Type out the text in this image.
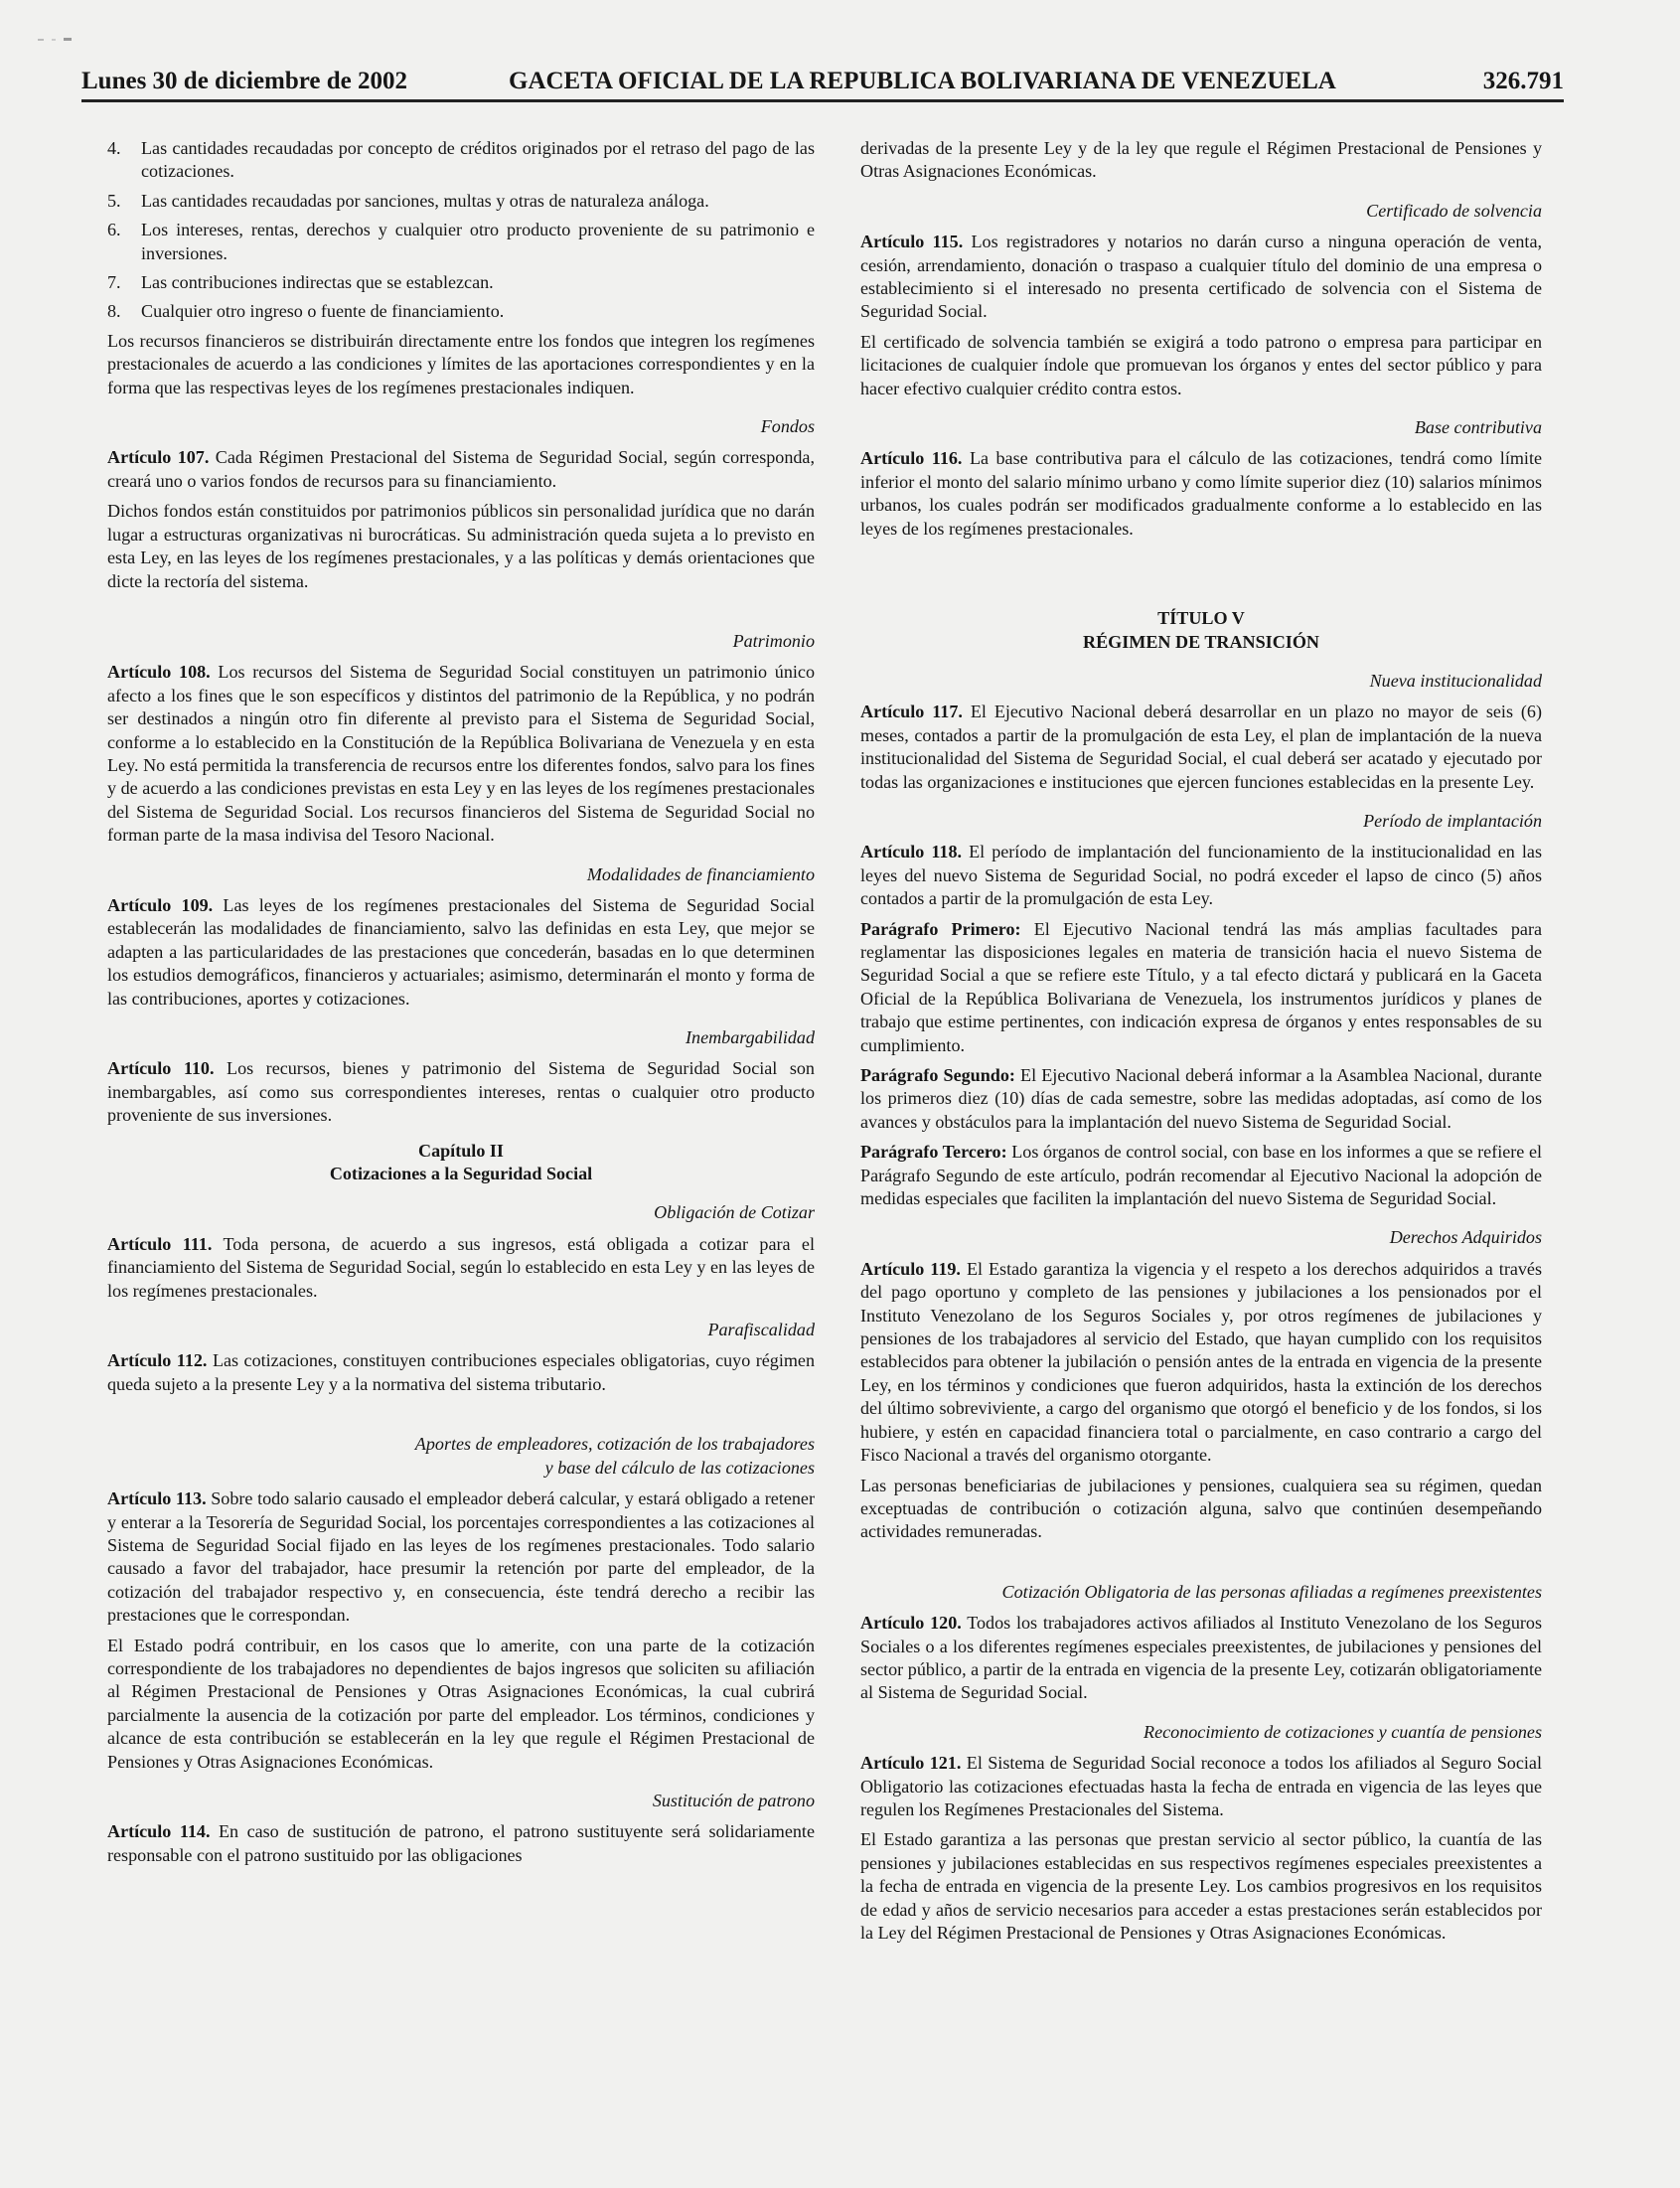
Lunes 30 de diciembre de 2002	GACETA OFICIAL DE LA REPUBLICA BOLIVARIANA DE VENEZUELA	326.791
4.	Las cantidades recaudadas por concepto de créditos originados por el retraso del pago de las cotizaciones.
5.	Las cantidades recaudadas por sanciones, multas y otras de naturaleza análoga.
6.	Los intereses, rentas, derechos y cualquier otro producto proveniente de su patrimonio e inversiones.
7.	Las contribuciones indirectas que se establezcan.
8.	Cualquier otro ingreso o fuente de financiamiento.

Los recursos financieros se distribuirán directamente entre los fondos que integren los regímenes prestacionales de acuerdo a las condiciones y límites de las aportaciones correspondientes y en la forma que las respectivas leyes de los regímenes prestacionales indiquen.

Fondos

Artículo 107. Cada Régimen Prestacional del Sistema de Seguridad Social, según corresponda, creará uno o varios fondos de recursos para su financiamiento.

Dichos fondos están constituidos por patrimonios públicos sin personalidad jurídica que no darán lugar a estructuras organizativas ni burocráticas. Su administración queda sujeta a lo previsto en esta Ley, en las leyes de los regímenes prestacionales, y a las políticas y demás orientaciones que dicte la rectoría del sistema.

Patrimonio

Artículo 108. Los recursos del Sistema de Seguridad Social constituyen un patrimonio único afecto a los fines que le son específicos y distintos del patrimonio de la República, y no podrán ser destinados a ningún otro fin diferente al previsto para el Sistema de Seguridad Social, conforme a lo establecido en la Constitución de la República Bolivariana de Venezuela y en esta Ley. No está permitida la transferencia de recursos entre los diferentes fondos, salvo para los fines y de acuerdo a las condiciones previstas en esta Ley y en las leyes de los regímenes prestacionales del Sistema de Seguridad Social. Los recursos financieros del Sistema de Seguridad Social no forman parte de la masa indivisa del Tesoro Nacional.

Modalidades de financiamiento

Artículo 109. Las leyes de los regímenes prestacionales del Sistema de Seguridad Social establecerán las modalidades de financiamiento, salvo las definidas en esta Ley, que mejor se adapten a las particularidades de las prestaciones que concederán, basadas en lo que determinen los estudios demográficos, financieros y actuariales; asimismo, determinarán el monto y forma de las contribuciones, aportes y cotizaciones.

Inembargabilidad

Artículo 110. Los recursos, bienes y patrimonio del Sistema de Seguridad Social son inembargables, así como sus correspondientes intereses, rentas o cualquier otro producto proveniente de sus inversiones.

Capítulo II

Cotizaciones a la Seguridad Social

Obligación de Cotizar

Artículo 111. Toda persona, de acuerdo a sus ingresos, está obligada a cotizar para el financiamiento del Sistema de Seguridad Social, según lo establecido en esta Ley y en las leyes de los regímenes prestacionales.

Parafiscalidad

Artículo 112. Las cotizaciones, constituyen contribuciones especiales obligatorias, cuyo régimen queda sujeto a la presente Ley y a la normativa del sistema tributario.

Aportes de empleadores, cotización de los trabajadores
y base del cálculo de las cotizaciones

Artículo 113. Sobre todo salario causado el empleador deberá calcular, y estará obligado a retener y enterar a la Tesorería de Seguridad Social, los porcentajes correspondientes a las cotizaciones al Sistema de Seguridad Social fijado en las leyes de los regímenes prestacionales. Todo salario causado a favor del trabajador, hace presumir la retención por parte del empleador, de la cotización del trabajador respectivo y, en consecuencia, éste tendrá derecho a recibir las prestaciones que le correspondan.

El Estado podrá contribuir, en los casos que lo amerite, con una parte de la cotización correspondiente de los trabajadores no dependientes de bajos ingresos que soliciten su afiliación al Régimen Prestacional de Pensiones y Otras Asignaciones Económicas, la cual cubrirá parcialmente la ausencia de la cotización por parte del empleador. Los términos, condiciones y alcance de esta contribución se establecerán en la ley que regule el Régimen Prestacional de Pensiones y Otras Asignaciones Económicas.

Sustitución de patrono

Artículo 114. En caso de sustitución de patrono, el patrono sustituyente será solidariamente responsable con el patrono sustituido por las obligaciones

derivadas de la presente Ley y de la ley que regule el Régimen Prestacional de Pensiones y Otras Asignaciones Económicas.

Certificado de solvencia

Artículo 115. Los registradores y notarios no darán curso a ninguna operación de venta, cesión, arrendamiento, donación o traspaso a cualquier título del dominio de una empresa o establecimiento si el interesado no presenta certificado de solvencia con el Sistema de Seguridad Social.

El certificado de solvencia también se exigirá a todo patrono o empresa para participar en licitaciones de cualquier índole que promuevan los órganos y entes del sector público y para hacer efectivo cualquier crédito contra estos.

Base contributiva

Artículo 116. La base contributiva para el cálculo de las cotizaciones, tendrá como límite inferior el monto del salario mínimo urbano y como límite superior diez (10) salarios mínimos urbanos, los cuales podrán ser modificados gradualmente conforme a lo establecido en las leyes de los regímenes prestacionales.

TÍTULO V

RÉGIMEN DE TRANSICIÓN

Nueva institucionalidad

Artículo 117. El Ejecutivo Nacional deberá desarrollar en un plazo no mayor de seis (6) meses, contados a partir de la promulgación de esta Ley, el plan de implantación de la nueva institucionalidad del Sistema de Seguridad Social, el cual deberá ser acatado y ejecutado por todas las organizaciones e instituciones que ejercen funciones establecidas en la presente Ley.

Período de implantación

Artículo 118. El período de implantación del funcionamiento de la institucionalidad en las leyes del nuevo Sistema de Seguridad Social, no podrá exceder el lapso de cinco (5) años contados a partir de la promulgación de esta Ley.

Parágrafo Primero: El Ejecutivo Nacional tendrá las más amplias facultades para reglamentar las disposiciones legales en materia de transición hacia el nuevo Sistema de Seguridad Social a que se refiere este Título, y a tal efecto dictará y publicará en la Gaceta Oficial de la República Bolivariana de Venezuela, los instrumentos jurídicos y planes de trabajo que estime pertinentes, con indicación expresa de órganos y entes responsables de su cumplimiento.

Parágrafo Segundo: El Ejecutivo Nacional deberá informar a la Asamblea Nacional, durante los primeros diez (10) días de cada semestre, sobre las medidas adoptadas, así como de los avances y obstáculos para la implantación del nuevo Sistema de Seguridad Social.

Parágrafo Tercero: Los órganos de control social, con base en los informes a que se refiere el Parágrafo Segundo de este artículo, podrán recomendar al Ejecutivo Nacional la adopción de medidas especiales que faciliten la implantación del nuevo Sistema de Seguridad Social.

Derechos Adquiridos

Artículo 119. El Estado garantiza la vigencia y el respeto a los derechos adquiridos a través del pago oportuno y completo de las pensiones y jubilaciones a los pensionados por el Instituto Venezolano de los Seguros Sociales y, por otros regímenes de jubilaciones y pensiones de los trabajadores al servicio del Estado, que hayan cumplido con los requisitos establecidos para obtener la jubilación o pensión antes de la entrada en vigencia de la presente Ley, en los términos y condiciones que fueron adquiridos, hasta la extinción de los derechos del último sobreviviente, a cargo del organismo que otorgó el beneficio y de los fondos, si los hubiere, y estén en capacidad financiera total o parcialmente, en caso contrario a cargo del Fisco Nacional a través del organismo otorgante.

Las personas beneficiarias de jubilaciones y pensiones, cualquiera sea su régimen, quedan exceptuadas de contribución o cotización alguna, salvo que continúen desempeñando actividades remuneradas.

Cotización Obligatoria de las personas afiliadas a regímenes preexistentes

Artículo 120. Todos los trabajadores activos afiliados al Instituto Venezolano de los Seguros Sociales o a los diferentes regímenes especiales preexistentes, de jubilaciones y pensiones del sector público, a partir de la entrada en vigencia de la presente Ley, cotizarán obligatoriamente al Sistema de Seguridad Social.

Reconocimiento de cotizaciones y cuantía de pensiones

Artículo 121. El Sistema de Seguridad Social reconoce a todos los afiliados al Seguro Social Obligatorio las cotizaciones efectuadas hasta la fecha de entrada en vigencia de las leyes que regulen los Regímenes Prestacionales del Sistema.

El Estado garantiza a las personas que prestan servicio al sector público, la cuantía de las pensiones y jubilaciones establecidas en sus respectivos regímenes especiales preexistentes a la fecha de entrada en vigencia de la presente Ley. Los cambios progresivos en los requisitos de edad y años de servicio necesarios para acceder a estas prestaciones serán establecidos por la Ley del Régimen Prestacional de Pensiones y Otras Asignaciones Económicas.
